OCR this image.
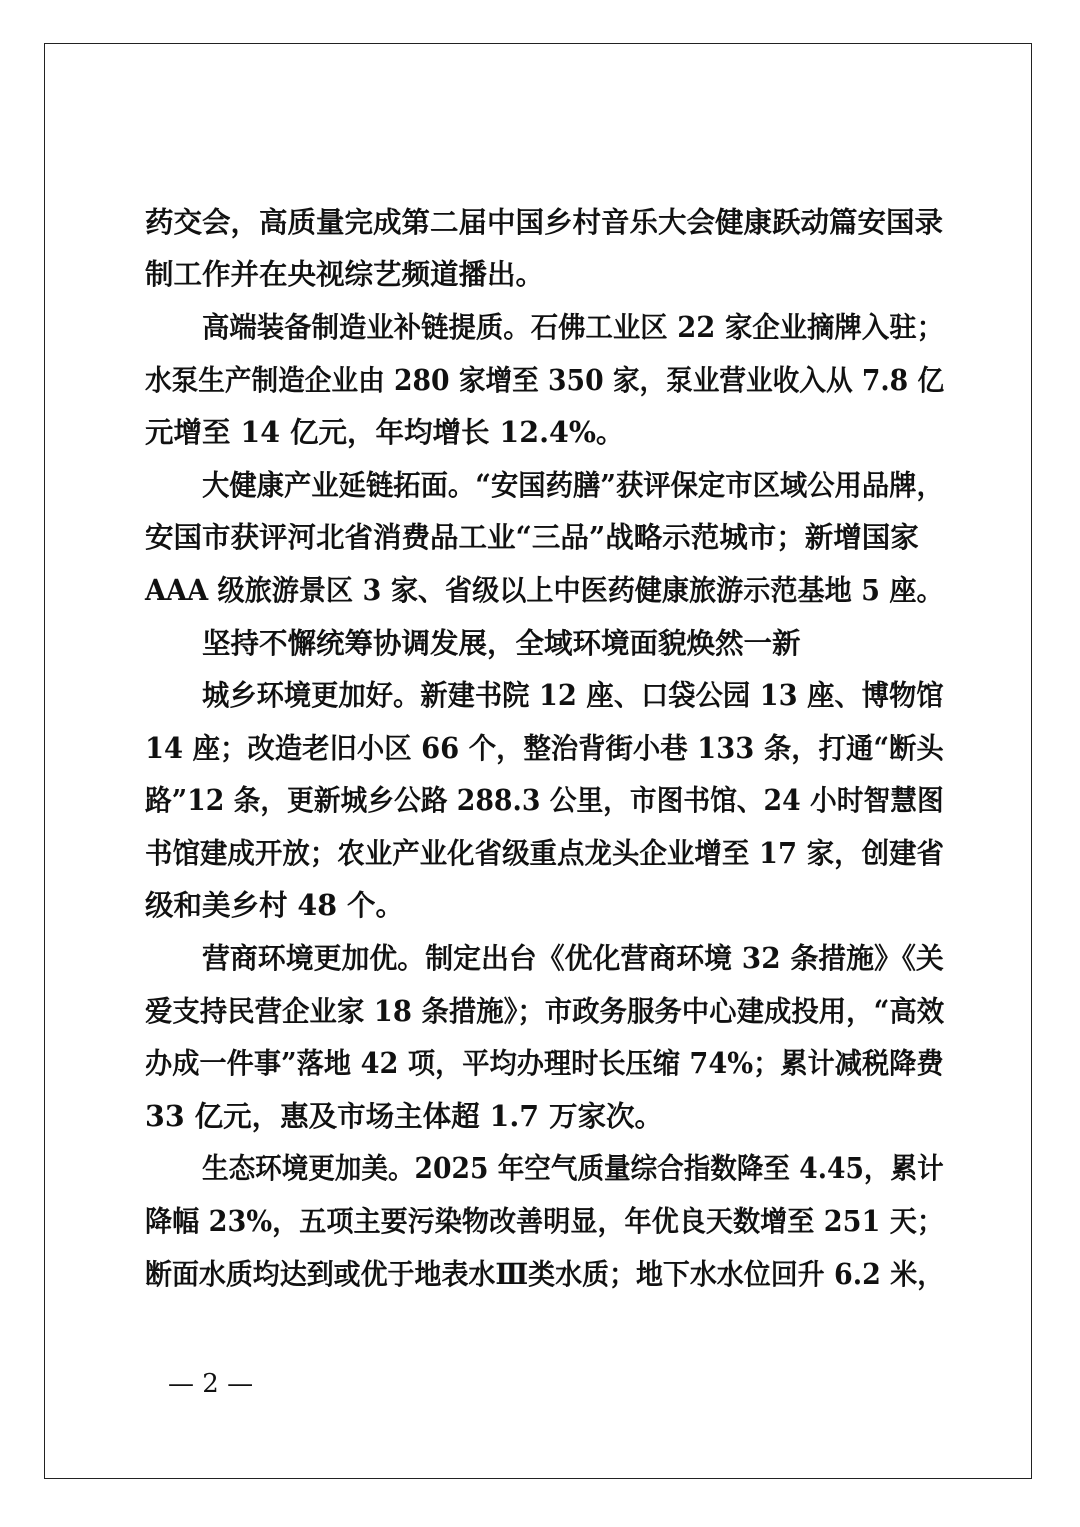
药交会，高质量完成第二届中国乡村音乐大会健康跃动篇安国录
制工作并在央视综艺频道播出。
高端装备制造业补链提质。石佛工业区 22 家企业摘牌入驻；
水泵生产制造企业由 280 家增至 350 家，泵业营业收入从 7.8 亿
元增至 14 亿元，年均增长 12.4%。
大健康产业延链拓面。“安国药膳”获评保定市区域公用品牌，
安国市获评河北省消费品工业“三品”战略示范城市；新增国家
AAA 级旅游景区 3 家、省级以上中医药健康旅游示范基地 5 座。
坚持不懈统筹协调发展，全域环境面貌焕然一新
城乡环境更加好。新建书院 12 座、口袋公园 13 座、博物馆
14 座；改造老旧小区 66 个，整治背街小巷 133 条，打通“断头
路”12 条，更新城乡公路 288.3 公里，市图书馆、24 小时智慧图
书馆建成开放；农业产业化省级重点龙头企业增至 17 家，创建省
级和美乡村 48 个。
营商环境更加优。制定出台《优化营商环境 32 条措施》《关
爱支持民营企业家 18 条措施》；市政务服务中心建成投用，“高效
办成一件事”落地 42 项，平均办理时长压缩 74%；累计减税降费
33 亿元，惠及市场主体超 1.7 万家次。
生态环境更加美。2025 年空气质量综合指数降至 4.45，累计
降幅 23%，五项主要污染物改善明显，年优良天数增至 251 天；
断面水质均达到或优于地表水Ⅲ类水质；地下水水位回升 6.2 米，
— 2 —
